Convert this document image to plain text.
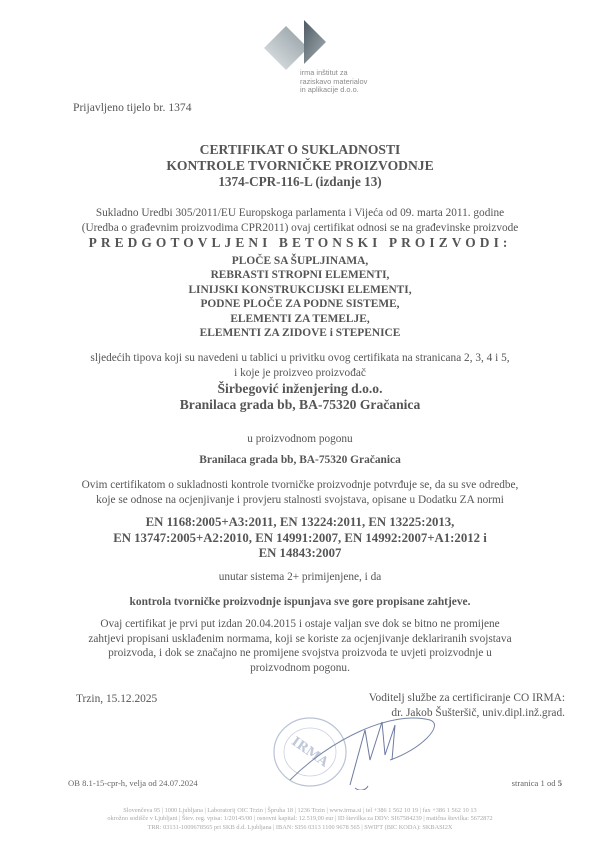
irma inštitut za
raziskavo materialov
in aplikacije d.o.o.
Prijavljeno tijelo br. 1374
CERTIFIKAT O SUKLADNOSTI
KONTROLE TVORNIČKE PROIZVODNJE
1374-CPR-116-L (izdanje 13)
Sukladno Uredbi 305/2011/EU Europskoga parlamenta i Vijeća od 09. marta 2011. godine
(Uredba o građevnim proizvodima CPR2011) ovaj certifikat odnosi se na građevinske proizvode
PREDGOTOVLJENI BETONSKI PROIZVODI:
PLOČE SA ŠUPLJINAMA,
REBRASTI STROPNI ELEMENTI,
LINIJSKI KONSTRUKCIJSKI ELEMENTI,
PODNE PLOČE ZA PODNE SISTEME,
ELEMENTI ZA TEMELJE,
ELEMENTI ZA ZIDOVE i STEPENICE
sljedećih tipova koji su navedeni u tablici u privitku ovog certifikata na stranicana 2, 3, 4 i 5,
i koje je proizveo proizvođač
Širbegović inženjering d.o.o.
Branilaca grada bb, BA-75320 Gračanica
u proizvodnom pogonu
Branilaca grada bb, BA-75320 Gračanica
Ovim certifikatom o sukladnosti kontrole tvorničke proizvodnje potvrđuje se, da su sve odredbe,
koje se odnose na ocjenjivanje i provjeru stalnosti svojstava, opisane u Dodatku ZA normi
EN 1168:2005+A3:2011, EN 13224:2011, EN 13225:2013,
EN 13747:2005+A2:2010, EN 14991:2007, EN 14992:2007+A1:2012 i
EN 14843:2007
unutar sistema 2+ primijenjene, i da
kontrola tvorničke proizvodnje ispunjava sve gore propisane zahtjeve.
Ovaj certifikat je prvi put izdan 20.04.2015 i ostaje valjan sve dok se bitno ne promijene
zahtjevi propisani usklađenim normama, koji se koriste za ocjenjivanje deklariranih svojstava
proizvoda, i dok se značajno ne promijene svojstva proizvoda te uvjeti proizvodnje u
proizvodnom pogonu.
Trzin, 15.12.2025	Voditelj službe za certificiranje CO IRMA:
dr. Jakob Šušteršič, univ.dipl.inž.grad.
IRMA
OB 8.1-15-cpr-h, velja od 24.07.2024	stranica 1 od 5
Slovenčeva 95 | 1000 Ljubljana | Laboratorij OIC Trzin | Špruha 18 | 1236 Trzin | www.irma.si | tel +386 1 562 10 19 | fax +386 1 562 10 13
okrožno sodišče v Ljubljani | Štev. reg. vpisa: 1/20145/00 | osnovni kapital: 12.519,00 eur | ID številka za DDV: SI67584239 | matična številka: 5672872
TRR: 03131-1009678565 pri SKB d.d. Ljubljana | IBAN: SI56 0313 1100 9678 565 | SWIFT (BIC KODA): SKBASI2X
